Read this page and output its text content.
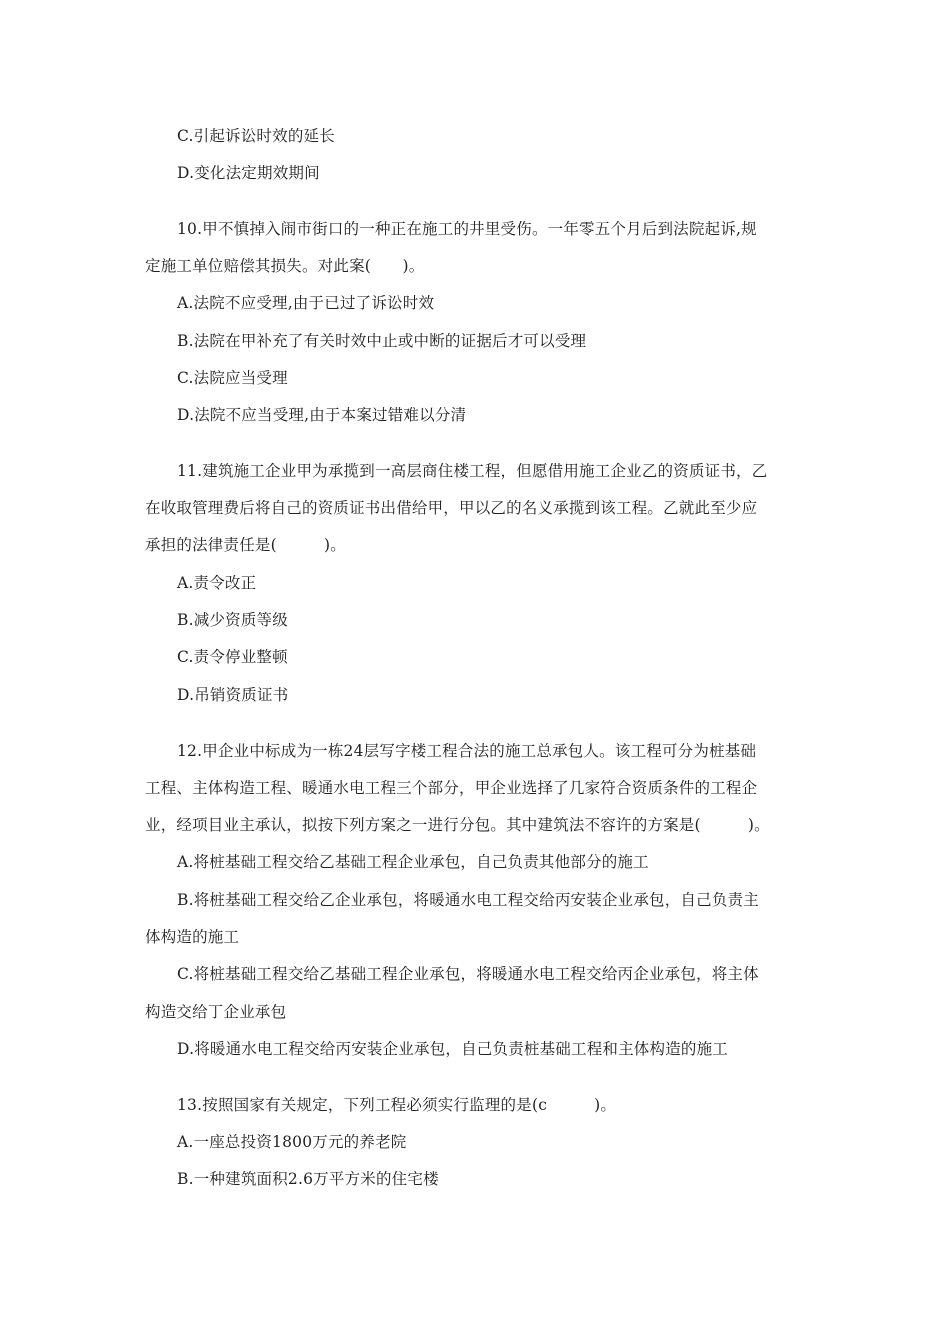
C.引起诉讼时效的延长
D.变化法定期效期间
10.甲不慎掉入闹市街口的一种正在施工的井里受伤。一年零五个月后到法院起诉,规
定施工单位赔偿其损失。对此案(　　)。
A.法院不应受理,由于已过了诉讼时效
B.法院在甲补充了有关时效中止或中断的证据后才可以受理
C.法院应当受理
D.法院不应当受理,由于本案过错难以分清
11.建筑施工企业甲为承揽到一高层商住楼工程，但愿借用施工企业乙的资质证书，乙
在收取管理费后将自己的资质证书出借给甲，甲以乙的名义承揽到该工程。乙就此至少应
承担的法律责任是(　　　)。
A.责令改正
B.减少资质等级
C.责令停业整顿
D.吊销资质证书
12.甲企业中标成为一栋24层写字楼工程合法的施工总承包人。该工程可分为桩基础
工程、主体构造工程、暖通水电工程三个部分，甲企业选择了几家符合资质条件的工程企
业，经项目业主承认，拟按下列方案之一进行分包。其中建筑法不容许的方案是(　　　)。
A.将桩基础工程交给乙基础工程企业承包，自己负责其他部分的施工
B.将桩基础工程交给乙企业承包，将暖通水电工程交给丙安装企业承包，自己负责主
体构造的施工
C.将桩基础工程交给乙基础工程企业承包，将暖通水电工程交给丙企业承包，将主体
构造交给丁企业承包
D.将暖通水电工程交给丙安装企业承包，自己负责桩基础工程和主体构造的施工
13.按照国家有关规定，下列工程必须实行监理的是(c　　　)。
A.一座总投资1800万元的养老院
B.一种建筑面积2.6万平方米的住宅楼
